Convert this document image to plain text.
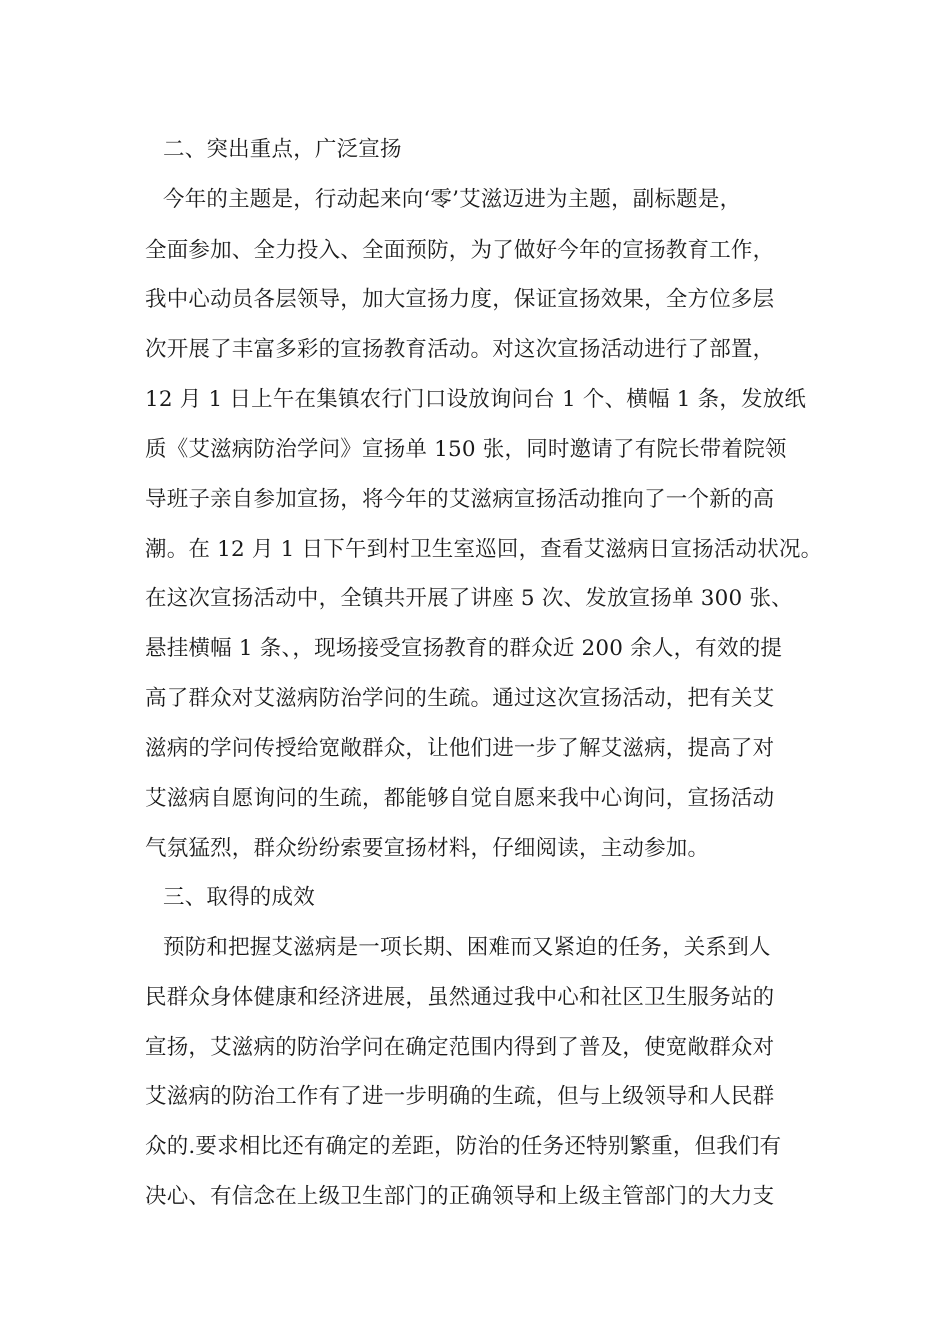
二、突出重点，广泛宣扬
今年的主题是，行动起来向‘零’艾滋迈进为主题，副标题是，
全面参加、全力投入、全面预防，为了做好今年的宣扬教育工作，
我中心动员各层领导，加大宣扬力度，保证宣扬效果，全方位多层
次开展了丰富多彩的宣扬教育活动。对这次宣扬活动进行了部置，
12 月 1 日上午在集镇农行门口设放询问台 1 个、横幅 1 条，发放纸
质《艾滋病防治学问》宣扬单 150 张，同时邀请了有院长带着院领
导班子亲自参加宣扬，将今年的艾滋病宣扬活动推向了一个新的高
潮。在 12 月 1 日下午到村卫生室巡回，查看艾滋病日宣扬活动状况。
在这次宣扬活动中，全镇共开展了讲座 5 次、发放宣扬单 300 张、
悬挂横幅 1 条、，现场接受宣扬教育的群众近 200 余人，有效的提
高了群众对艾滋病防治学问的生疏。通过这次宣扬活动，把有关艾
滋病的学问传授给宽敞群众，让他们进一步了解艾滋病，提高了对
艾滋病自愿询问的生疏，都能够自觉自愿来我中心询问，宣扬活动
气氛猛烈，群众纷纷索要宣扬材料，仔细阅读，主动参加。
三、取得的成效
预防和把握艾滋病是一项长期、困难而又紧迫的任务，关系到人
民群众身体健康和经济进展，虽然通过我中心和社区卫生服务站的
宣扬，艾滋病的防治学问在确定范围内得到了普及，使宽敞群众对
艾滋病的防治工作有了进一步明确的生疏，但与上级领导和人民群
众的.要求相比还有确定的差距，防治的任务还特别繁重，但我们有
决心、有信念在上级卫生部门的正确领导和上级主管部门的大力支
